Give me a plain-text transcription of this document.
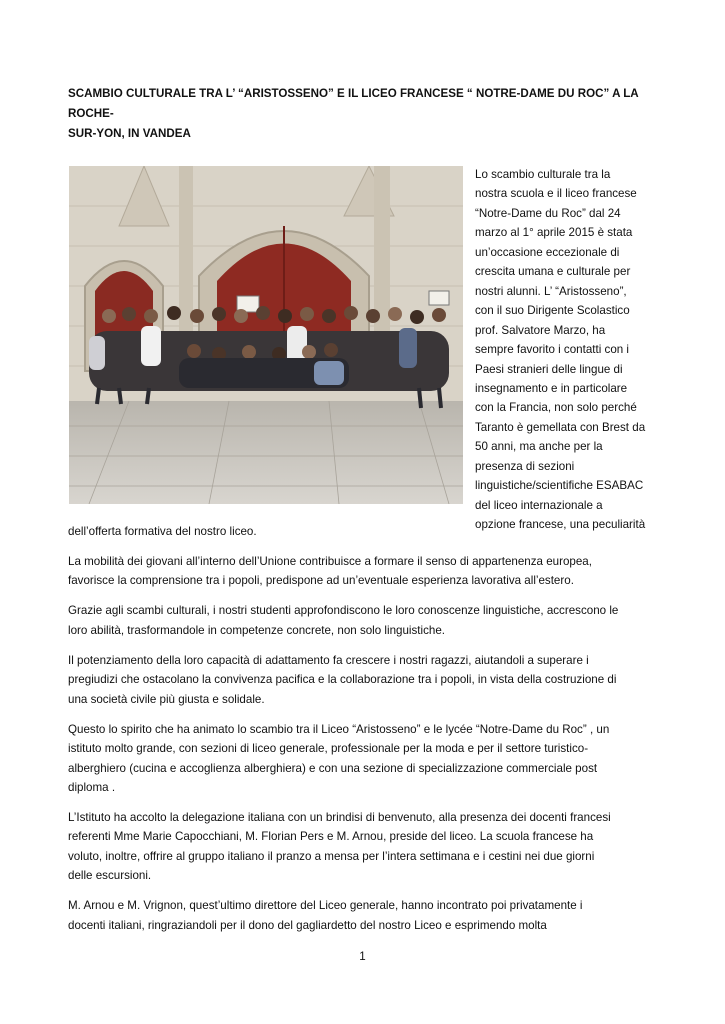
SCAMBIO CULTURALE TRA L’ “ARISTOSSENO” E IL LICEO FRANCESE “ NOTRE-DAME DU ROC” A LA ROCHE-
SUR-YON, IN VANDEA
Lo scambio culturale tra la
nostra scuola e il liceo francese
“Notre-Dame du Roc” dal 24
marzo al 1° aprile 2015 è stata
un’occasione eccezionale di
crescita umana e culturale per
nostri alunni. L’ “Aristosseno”,
con il suo Dirigente Scolastico
prof. Salvatore Marzo, ha
sempre favorito i contatti con i
Paesi stranieri delle lingue di
insegnamento e in particolare
con la Francia, non solo perché
Taranto è gemellata con Brest da
50 anni, ma anche per la
presenza di sezioni
linguistiche/scientifiche ESABAC
del liceo internazionale a
opzione francese, una peculiarità

dell’offerta formativa del nostro liceo.

La mobilità dei giovani all’interno dell’Unione contribuisce a formare il senso di appartenenza europea,
favorisce la comprensione tra i popoli, predispone ad un’eventuale esperienza lavorativa all’estero.

Grazie agli scambi culturali, i nostri studenti approfondiscono le loro conoscenze linguistiche, accrescono le
loro abilità, trasformandole in competenze concrete, non solo linguistiche.

Il potenziamento della loro capacità di adattamento fa crescere i nostri ragazzi, aiutandoli a superare i
pregiudizi che ostacolano la convivenza pacifica e la collaborazione tra i popoli, in vista della costruzione di
una società civile più giusta e solidale.

Questo lo spirito che ha animato lo scambio tra il Liceo “Aristosseno” e le lycée “Notre-Dame du Roc” , un
istituto molto grande, con sezioni di liceo generale, professionale per la moda e per il settore turistico-
alberghiero (cucina e accoglienza alberghiera) e con una sezione di specializzazione commerciale post
diploma .

L’Istituto ha accolto la delegazione italiana con un brindisi di benvenuto, alla presenza dei docenti francesi
referenti Mme Marie Capocchiani, M. Florian Pers e M. Arnou, preside del liceo. La scuola francese ha
voluto, inoltre, offrire al gruppo italiano il pranzo a mensa per l’intera settimana e i cestini nei due giorni
delle escursioni.

M. Arnou e M. Vrignon, quest’ultimo direttore del Liceo generale, hanno incontrato poi privatamente i
docenti italiani, ringraziandoli per il dono del gagliardetto del nostro Liceo e esprimendo molta

1
